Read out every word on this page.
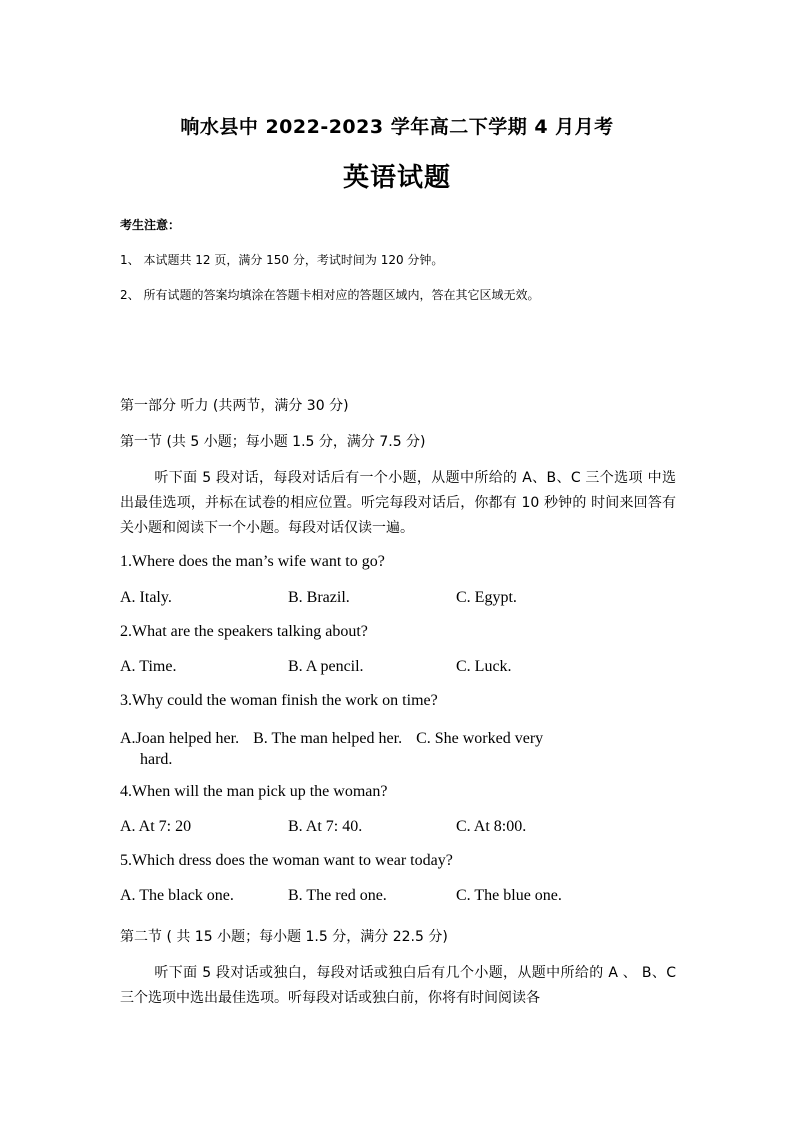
响水县中 2022-2023 学年高二下学期 4 月月考
英语试题
考生注意：
1、 本试题共 12 页，满分 150 分，考试时间为 120 分钟。
2、 所有试题的答案均填涂在答题卡相对应的答题区域内，答在其它区域无效。
第一部分 听力 (共两节，满分 30 分)
第一节 (共 5 小题；每小题 1.5 分，满分 7.5 分)
听下面 5 段对话，每段对话后有一个小题，从题中所给的 A、B、C 三个选项 中选出最佳选项，并标在试卷的相应位置。听完每段对话后，你都有 10 秒钟的 时间来回答有关小题和阅读下一个小题。每段对话仅读一遍。
1.Where does the man’s wife want to go?
A. Italy.	B. Brazil.	C. Egypt.
2.What are the speakers talking about?
A. Time.	B. A pencil.	C. Luck.
3.Why could the woman finish the work on time?
A.Joan helped her. B. The man helped her. C. She worked very
hard.
4.When will the man pick up the woman?
A. At 7: 20	B. At 7: 40.	C. At 8:00.
5.Which dress does the woman want to wear today?
A. The black one.	B. The red one.	C. The blue one.
第二节 ( 共 15 小题；每小题 1.5 分，满分 22.5 分)
听下面 5 段对话或独白，每段对话或独白后有几个小题，从题中所给的 A 、 B、C 三个选项中选出最佳选项。听每段对话或独白前，你将有时间阅读各
